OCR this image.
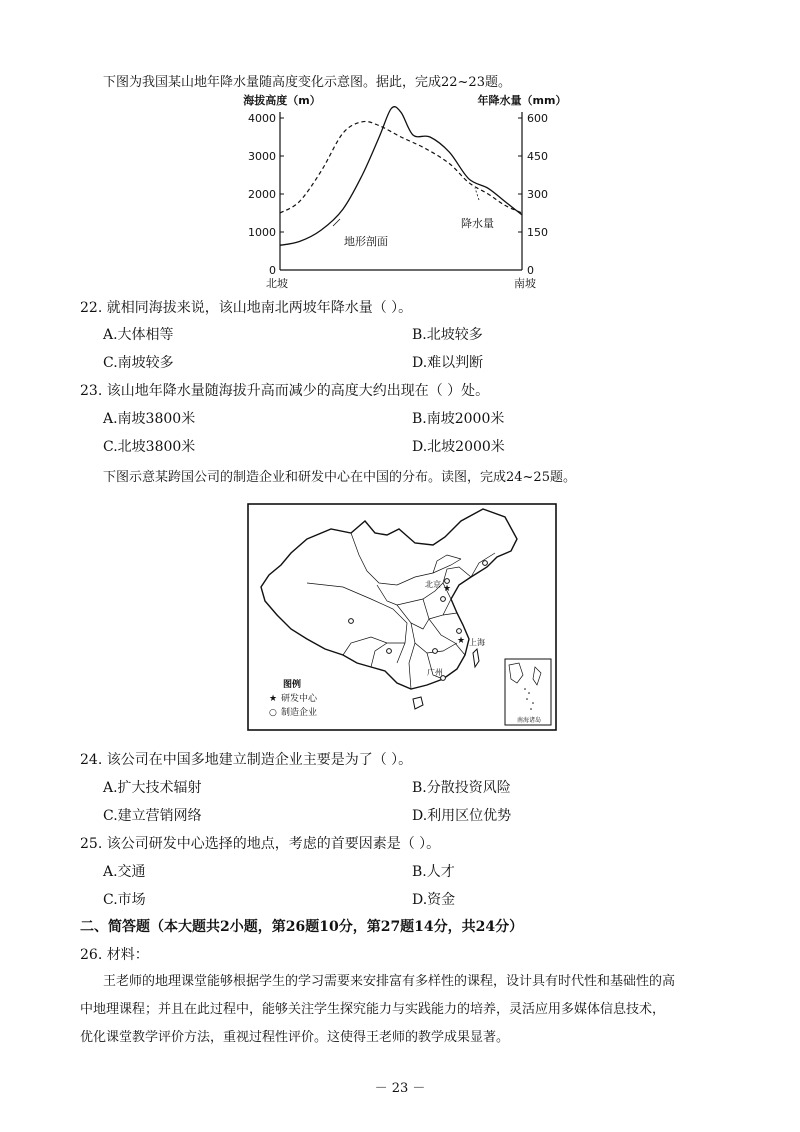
下图为我国某山地年降水量随高度变化示意图。据此，完成22~23题。
海拔高度（m）	年降水量（mm）
0
1000
2000
3000
4000
0
150
300
450
600
地形剖面
降水量
北坡	南坡
22. 就相同海拔来说，该山地南北两坡年降水量（ ）。
A.大体相等	B.北坡较多
C.南坡较多	D.难以判断
23. 该山地年降水量随海拔升高而减少的高度大约出现在（ ）处。
A.南坡3800米	B.南坡2000米
C.北坡3800米	D.北坡2000米
下图示意某跨国公司的制造企业和研发中心在中国的分布。读图，完成24~25题。
★
★
北京
上海
广州
图例
★ 研发中心
○ 制造企业
南海诸岛
24. 该公司在中国多地建立制造企业主要是为了（ ）。
A.扩大技术辐射	B.分散投资风险
C.建立营销网络	D.利用区位优势
25. 该公司研发中心选择的地点，考虑的首要因素是（ ）。
A.交通	B.人才
C.市场	D.资金
二、简答题（本大题共2小题，第26题10分，第27题14分，共24分）
26. 材料：
王老师的地理课堂能够根据学生的学习需要来安排富有多样性的课程，设计具有时代性和基础性的高
中地理课程；并且在此过程中，能够关注学生探究能力与实践能力的培养，灵活应用多媒体信息技术，
优化课堂教学评价方法，重视过程性评价。这使得王老师的教学成果显著。
－ 23 －
